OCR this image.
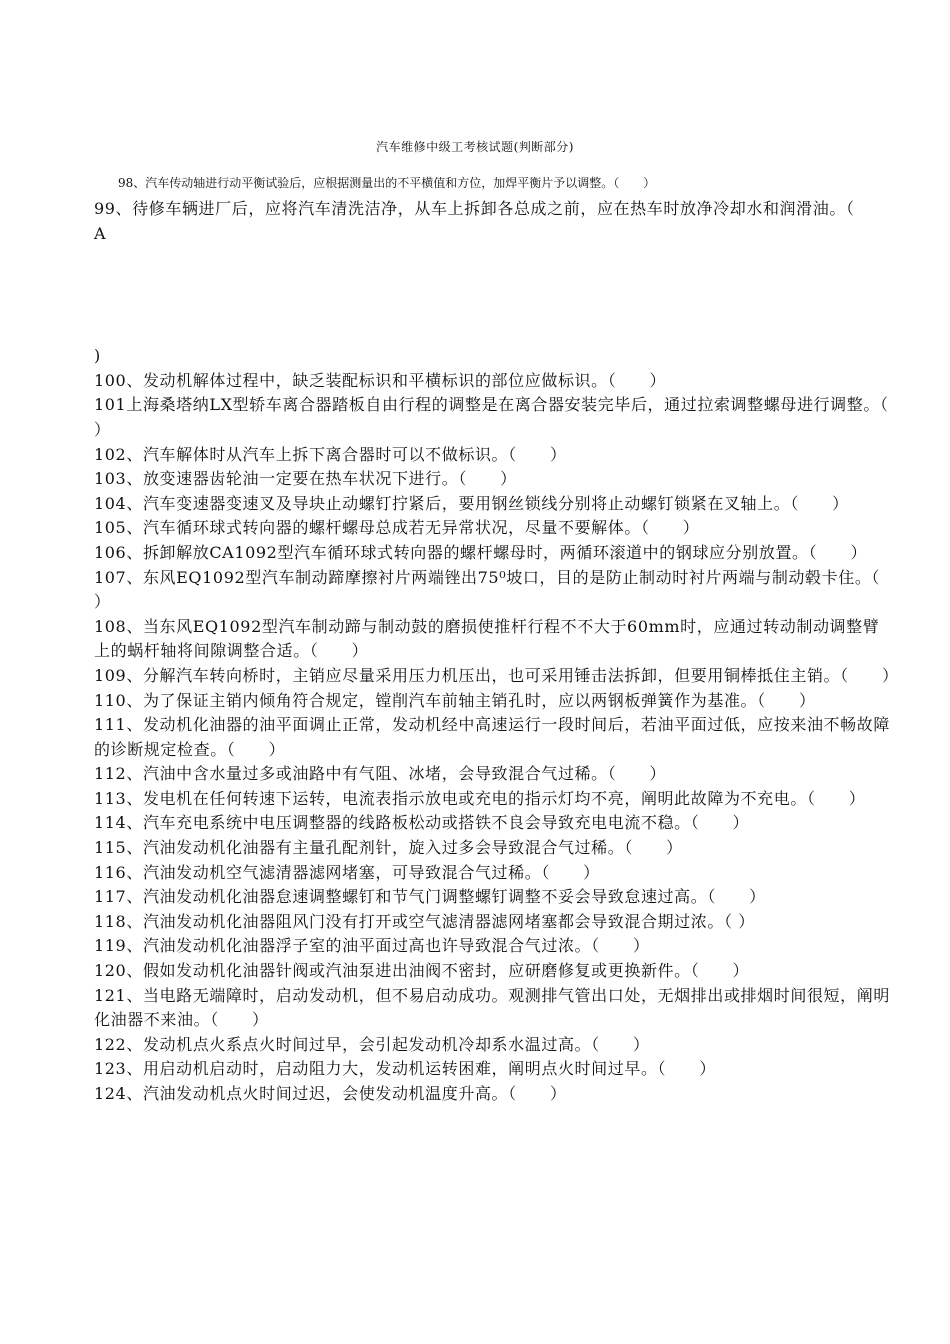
汽车维修中级工考核试题(判断部分)
98、汽车传动轴进行动平衡试验后，应根据测量出的不平横值和方位，加焊平衡片予以调整。（　　）

99、待修车辆进厂后，应将汽车清洗洁净，从车上拆卸各总成之前，应在热车时放净冷却水和润滑油。（　　 A

)

100、发动机解体过程中，缺乏装配标识和平横标识的部位应做标识。（　　）

101上海桑塔纳LX型轿车离合器踏板自由行程的调整是在离合器安装完毕后，通过拉索调整螺母进行调整。（　　）

102、汽车解体时从汽车上拆下离合器时可以不做标识。（　　）

103、放变速器齿轮油一定要在热车状况下进行。（　　）

104、汽车变速器变速叉及导块止动螺钉拧紧后，要用钢丝锁线分别将止动螺钉锁紧在叉轴上。（　　）

105、汽车循环球式转向器的螺杆螺母总成若无异常状况，尽量不要解体。（　　）

106、拆卸解放CA1092型汽车循环球式转向器的螺杆螺母时，两循环滚道中的钢球应分别放置。（　　）

107、东风EQ1092型汽车制动蹄摩擦衬片两端锉出75⁰坡口，目的是防止制动时衬片两端与制动毂卡住。（　　）

108、当东风EQ1092型汽车制动蹄与制动鼓的磨损使推杆行程不不大于60mm时，应通过转动制动调整臂上的蜗杆轴将间隙调整合适。（　　）

109、分解汽车转向桥时，主销应尽量采用压力机压出，也可采用锤击法拆卸，但要用铜棒抵住主销。（　　）

110、为了保证主销内倾角符合规定，镗削汽车前轴主销孔时，应以两钢板弹簧作为基准。（　　）

111、发动机化油器的油平面调止正常，发动机经中高速运行一段时间后，若油平面过低，应按来油不畅故障的诊断规定检查。（　　）

112、汽油中含水量过多或油路中有气阻、冰堵，会导致混合气过稀。（　　）

113、发电机在任何转速下运转，电流表指示放电或充电的指示灯均不亮，阐明此故障为不充电。（　　）

114、汽车充电系统中电压调整器的线路板松动或搭铁不良会导致充电电流不稳。（　　）

115、汽油发动机化油器有主量孔配剂针，旋入过多会导致混合气过稀。（　　）

116、汽油发动机空气滤清器滤网堵塞，可导致混合气过稀。（　　）

117、汽油发动机化油器怠速调整螺钉和节气门调整螺钉调整不妥会导致怠速过高。（　　）

118、汽油发动机化油器阻风门没有打开或空气滤清器滤网堵塞都会导致混合期过浓。（ ）

119、汽油发动机化油器浮子室的油平面过高也许导致混合气过浓。（　　）

120、假如发动机化油器针阀或汽油泵进出油阀不密封，应研磨修复或更换新件。（　　）

121、当电路无端障时，启动发动机，但不易启动成功。观测排气管出口处，无烟排出或排烟时间很短，阐明化油器不来油。（　　）

122、发动机点火系点火时间过早，会引起发动机冷却系水温过高。（　　）

123、用启动机启动时，启动阻力大，发动机运转困难，阐明点火时间过早。（　　）

124、汽油发动机点火时间过迟，会使发动机温度升高。（　　）
